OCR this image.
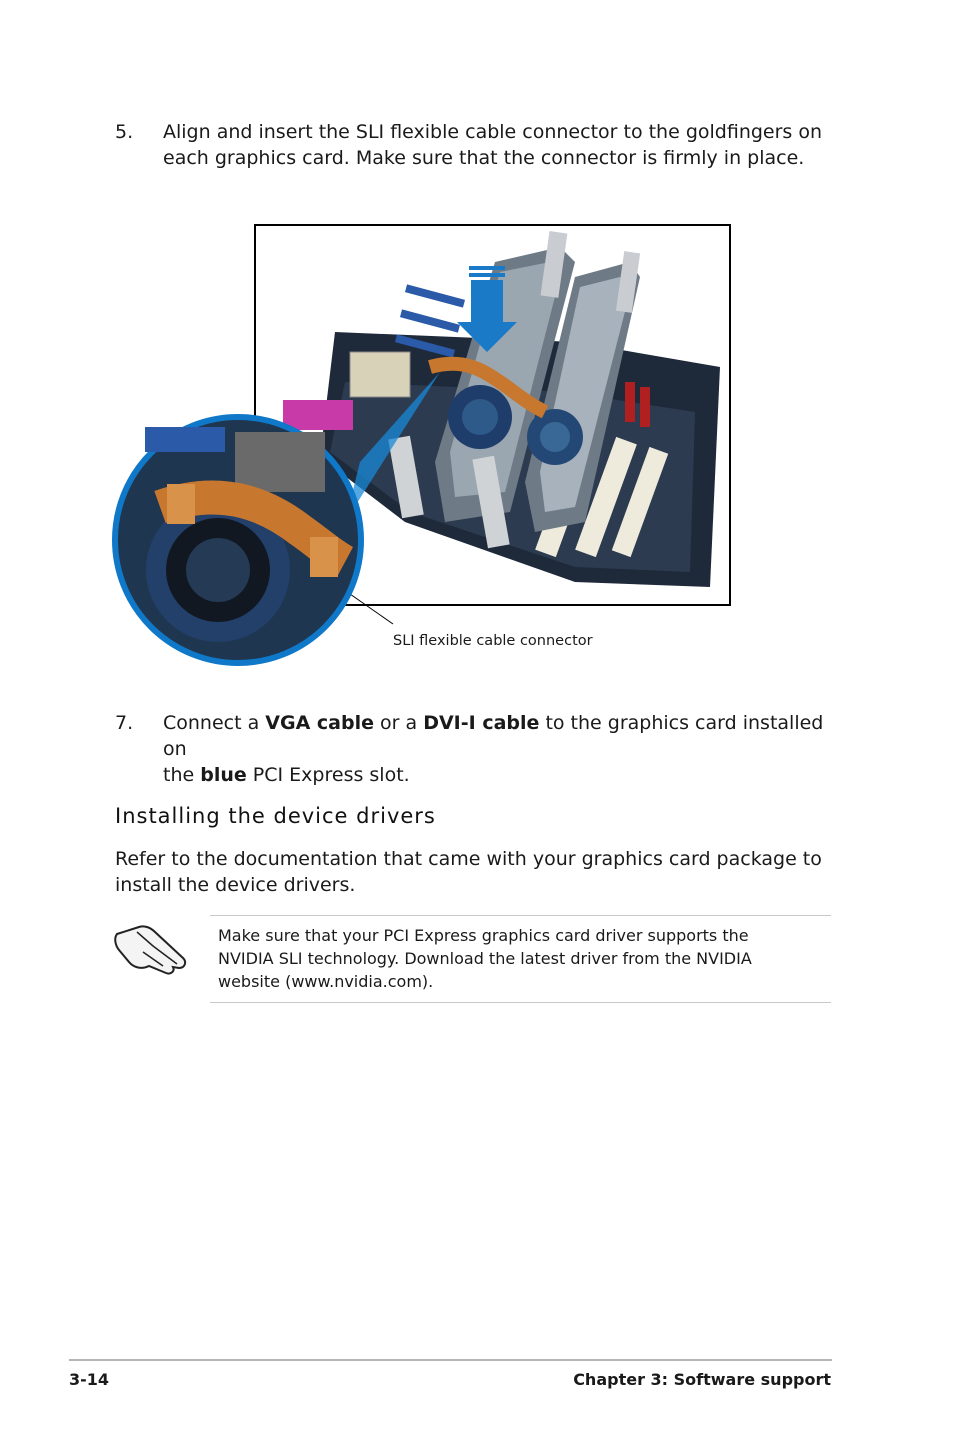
5. Align and insert the SLI flexible cable connector to the goldfingers on
each graphics card. Make sure that the connector is firmly in place.
SLI flexible cable connector
7. Connect a VGA cable or a DVI-I cable to the graphics card installed on
the blue PCI Express slot.
Installing the device drivers
Refer to the documentation that came with your graphics card package to
install the device drivers.
Make sure that your PCI Express graphics card driver supports the
NVIDIA SLI technology. Download the latest driver from the NVIDIA
website (www.nvidia.com).
3-14	Chapter 3: Software support
